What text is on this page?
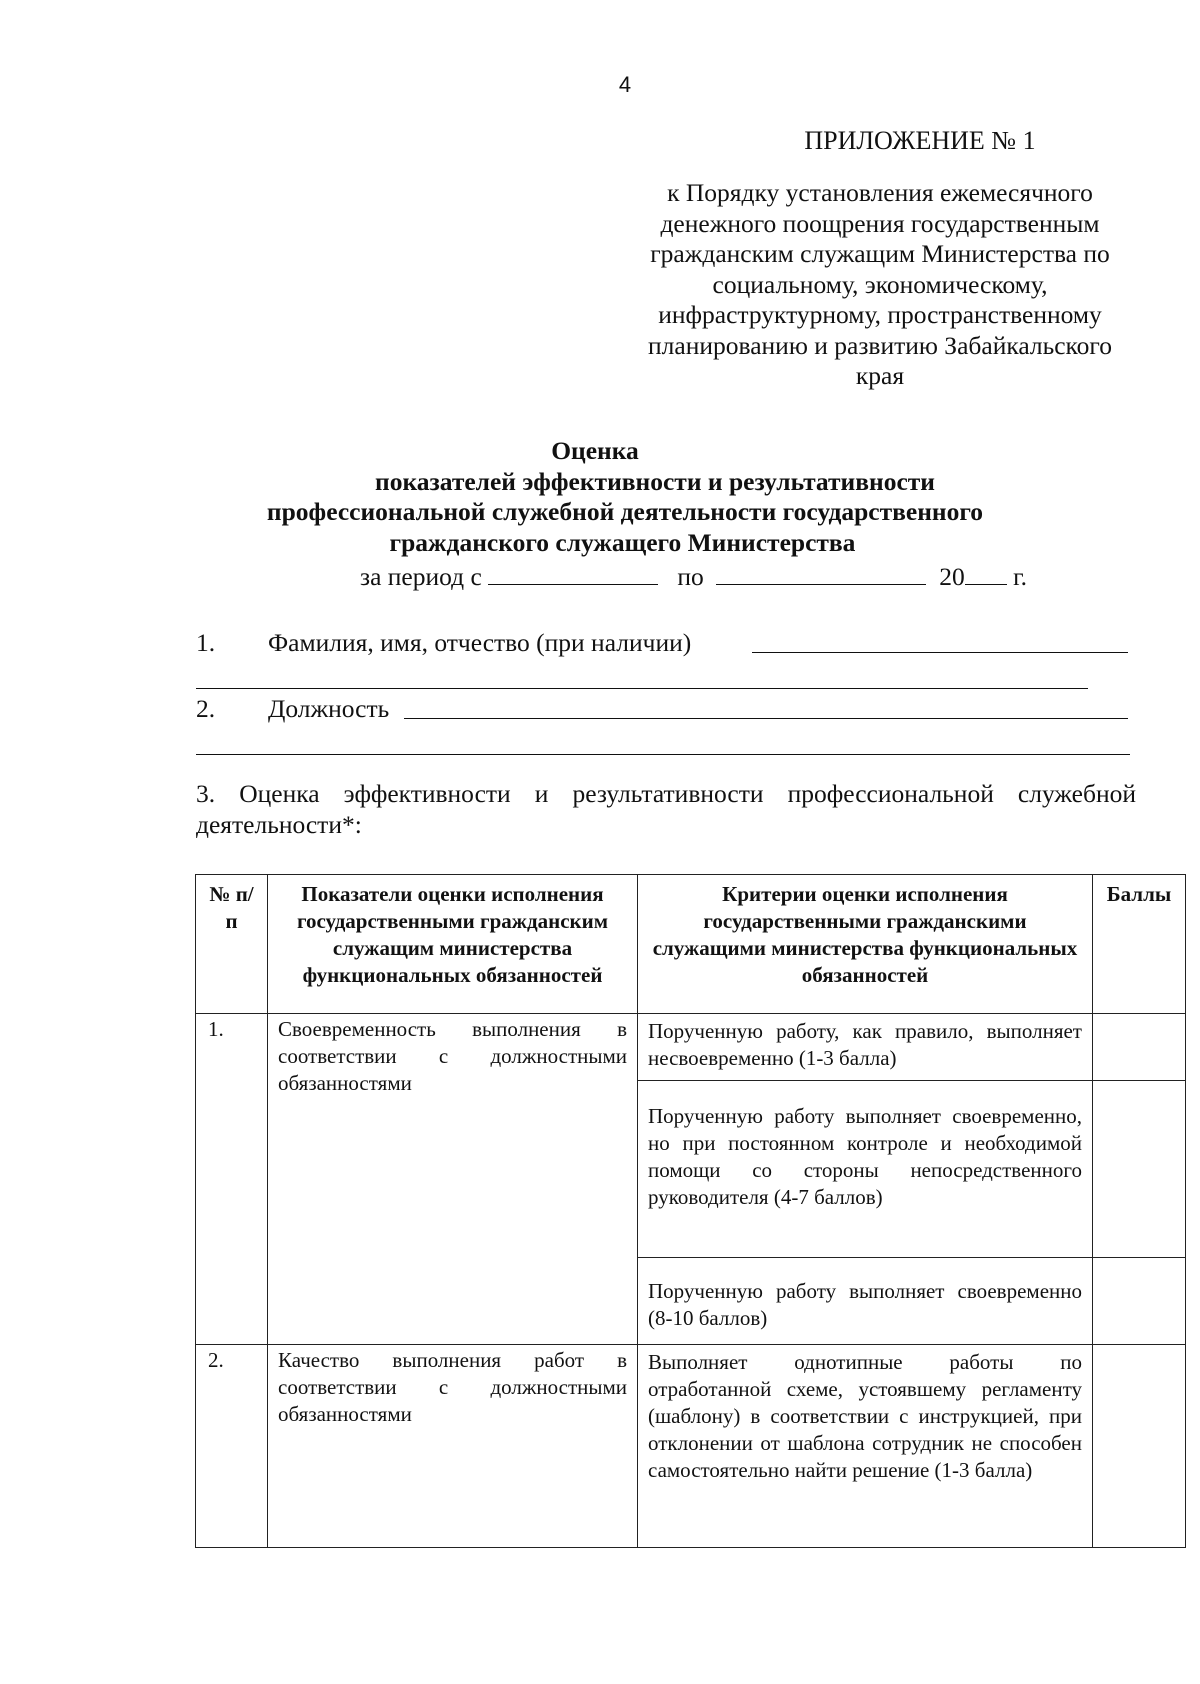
4
ПРИЛОЖЕНИЕ № 1
к Порядку установления ежемесячного
денежного поощрения государственным
гражданским служащим Министерства по
социальному, экономическому,
инфраструктурному, пространственному
планированию и развитию Забайкальского
края
Оценка
показателей эффективности и результативности
профессиональной служебной деятельности государственного
гражданского служащего Министерства
за период с	по	20 г.
1. Фамилия, имя, отчество (при наличии)
2. Должность
3. Оценка эффективности и результативности профессиональной служебной деятельности*:
№ п/п	Показатели оценки исполнения государственными гражданским служащим министерства функциональных обязанностей	Критерии оценки исполнения государственными гражданскими служащими министерства функциональных обязанностей	Баллы
1.	Своевременность выполнения в соответствии с должностными обязанностями	Порученную работу, как правило, выполняет несвоевременно (1-3 балла)	
		Порученную работу выполняет своевременно, но при постоянном контроле и необходимой помощи со стороны непосредственного руководителя (4-7 баллов)	
		Порученную работу выполняет своевременно (8-10 баллов)	
2.	Качество выполнения работ в соответствии с должностными обязанностями	Выполняет однотипные работы по отработанной схеме, устоявшему регламенту (шаблону) в соответствии с инструкцией, при отклонении от шаблона сотрудник не способен самостоятельно найти решение (1-3 балла)	
